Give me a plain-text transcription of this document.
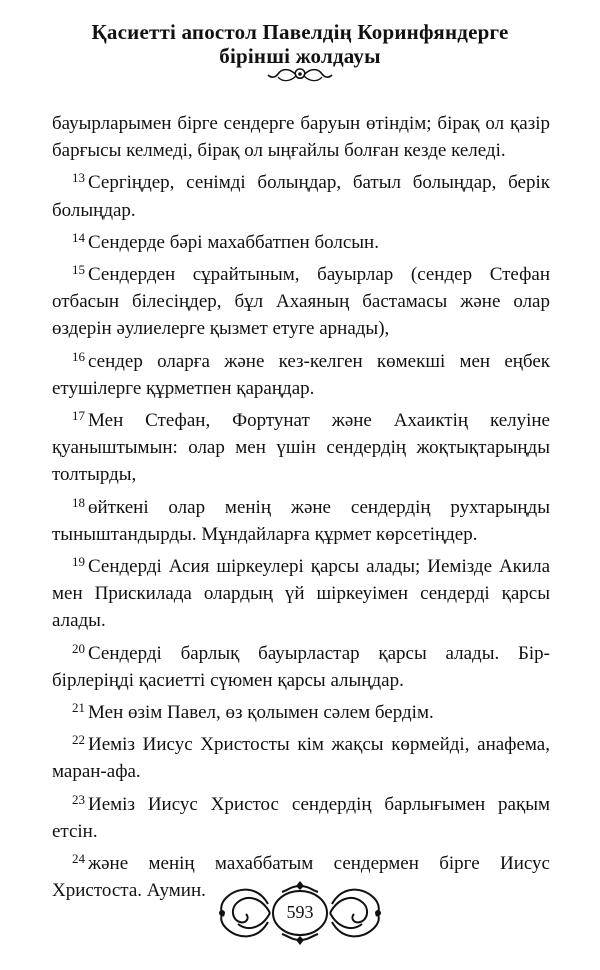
Қасиетті апостол Павелдің Коринфяндерге
бірінші жолдауы

бауырларымен бірге сендерге баруын өтіндім; бірақ ол қазір барғысы келмеді, бірақ ол ыңғайлы болған кезде келеді.

$^{13}$ Сергіңдер, сенімді болыңдар, батыл болыңдар, берік болыңдар.

$^{14}$ Сендерде бәрі махаббатпен болсын.

$^{15}$ Сендерден сұрайтыным, бауырлар (сендер Стефан отбасын білесіңдер, бұл Ахаяның бастамасы және олар өздерін әулиелерге қызмет етуге арнады),

$^{16}$ сендер оларға және кез-келген көмекші мен еңбек етушілерге құрметпен қараңдар.

$^{17}$ Мен Стефан, Фортунат және Ахаиктің келуіне қуаныштымын: олар мен үшін сендердің жоқтықтарыңды толтырды,

$^{18}$ өйткені олар менің және сендердің рухтарыңды тыныштандырды. Мұндайларға құрмет көрсетіңдер.

$^{19}$ Сендерді Асия шіркеулері қарсы алады; Иемізде Акила мен Прискилада олардың үй шіркеуімен сендерді қарсы алады.

$^{20}$ Сендерді барлық бауырластар қарсы алады. Бір-бірлеріңді қасиетті сүюмен қарсы алыңдар.

$^{21}$ Мен өзім Павел, өз қолымен сәлем бердім.

$^{22}$ Иеміз Иисус Христосты кім жақсы көрмейді, анафема, маран-афа.

$^{23}$ Иеміз Иисус Христос сендердің барлығымен рақым етсін.

$^{24}$ және менің махаббатым сендермен бірге Иисус Христоста. Аумин.

593
